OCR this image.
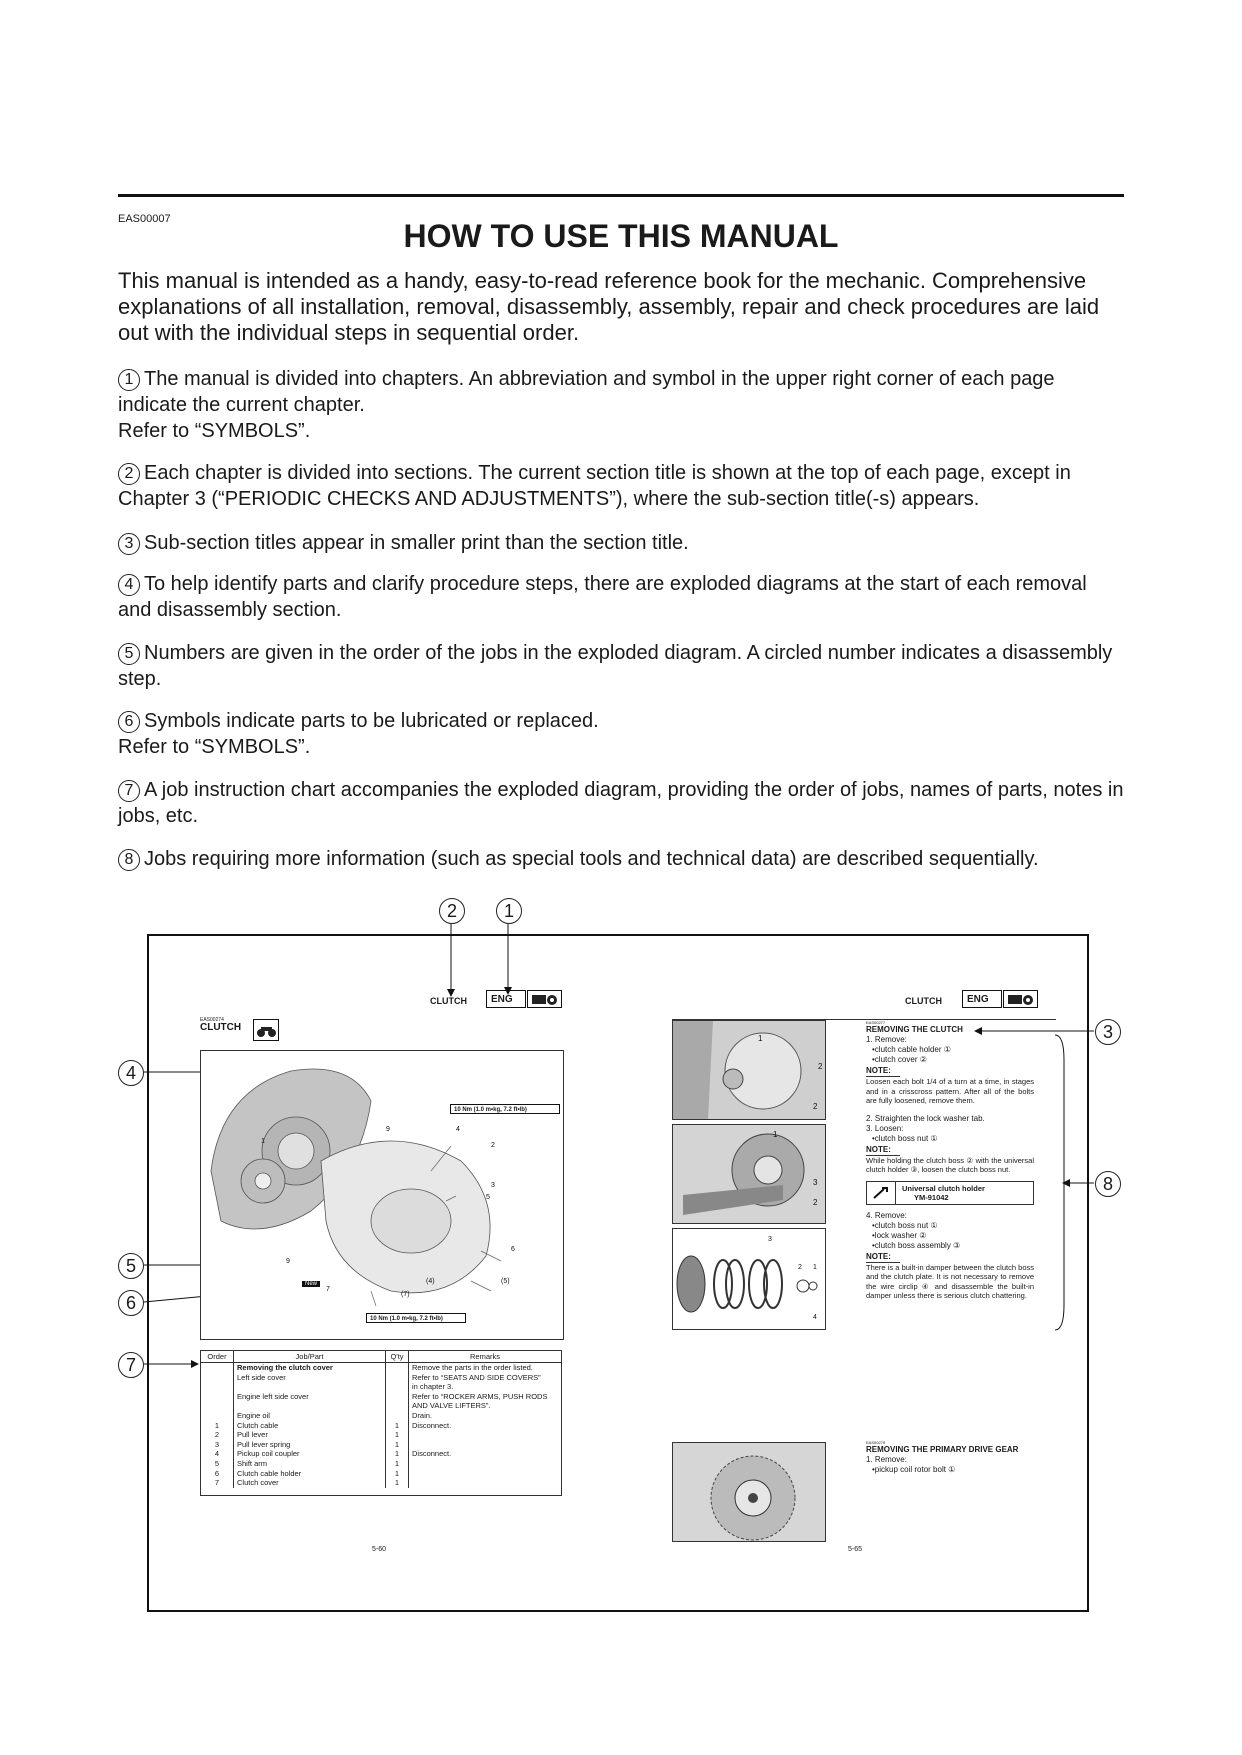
EAS00007	HOW TO USE THIS MANUAL
This manual is intended as a handy, easy-to-read reference book for the mechanic. Comprehensive explanations of all installation, removal, disassembly, assembly, repair and check procedures are laid out with the individual steps in sequential order.
1 The manual is divided into chapters. An abbreviation and symbol in the upper right corner of each page indicate the current chapter.
Refer to “SYMBOLS”.
2 Each chapter is divided into sections. The current section title is shown at the top of each page, except in Chapter 3 (“PERIODIC CHECKS AND ADJUSTMENTS”), where the sub-section title(-s) appears.
3 Sub-section titles appear in smaller print than the section title.
4 To help identify parts and clarify procedure steps, there are exploded diagrams at the start of each removal and disassembly section.
5 Numbers are given in the order of the jobs in the exploded diagram. A circled number indicates a disassembly step.
6 Symbols indicate parts to be lubricated or replaced.
Refer to “SYMBOLS”.
7 A job instruction chart accompanies the exploded diagram, providing the order of jobs, names of parts, notes in jobs, etc.
8 Jobs requiring more information (such as special tools and technical data) are described sequentially.
2	1
3
4
8
5
6
7
CLUTCH	ENG
EAS00274
CLUTCH
1
9	4
2
3
5
6
9
7
(7)
(4)	(5)
10 Nm (1.0 m•kg, 7.2 ft•lb)
10 Nm (1.0 m•kg, 7.2 ft•lb)
New
Order	Job/Part	Q'ty	Remarks
	Removing the clutch cover		Remove the parts in the order listed.
	Left side cover		Refer to “SEATS AND SIDE COVERS”
			in chapter 3.
	Engine left side cover		Refer to “ROCKER ARMS, PUSH RODS
			AND VALVE LIFTERS”.
	Engine oil		Drain.
1	Clutch cable	1	Disconnect.
2	Pull lever	1	
3	Pull lever spring	1	
4	Pickup coil coupler	1	Disconnect.
5	Shift arm	1	
6	Clutch cable holder	1	
7	Clutch cover	1	
5-60
CLUTCH	ENG
1
2
2
1
3
2
3
2 1
4
EAS00277
REMOVING THE CLUTCH
1. Remove:
•clutch cable holder ①
•clutch cover ②
NOTE:
Loosen each bolt 1/4 of a turn at a time, in stages and in a crisscross pattern. After all of the bolts are fully loosened, remove them.
2. Straighten the lock washer tab.
3. Loosen:
•clutch boss nut ①
NOTE:
While holding the clutch boss ② with the universal clutch holder ③, loosen the clutch boss nut.
Universal clutch holder
YM-91042
4. Remove:
•clutch boss nut ①
•lock washer ②
•clutch boss assembly ③
NOTE:
There is a built-in damper between the clutch boss and the clutch plate. It is not necessary to remove the wire circlip ④ and disassemble the built-in damper unless there is serious clutch chattering.
EAS00279
REMOVING THE PRIMARY DRIVE GEAR
1. Remove:
•pickup coil rotor bolt ①
5-65
